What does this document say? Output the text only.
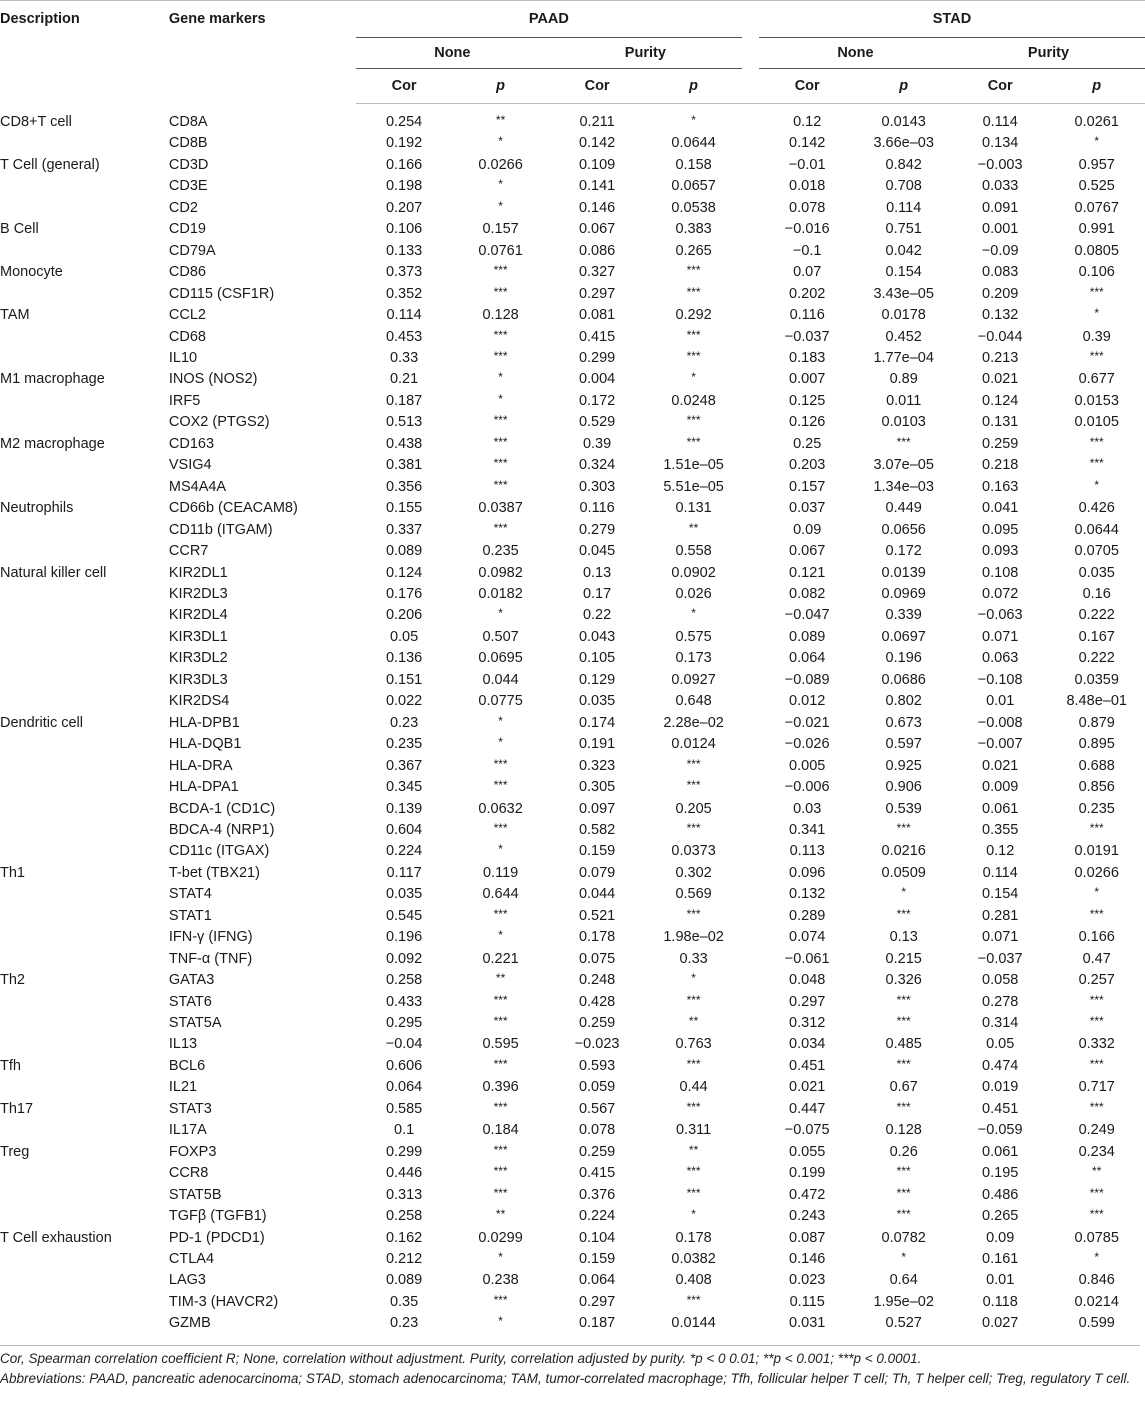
Description	Gene markers	PAAD					STAD			
		None		Purity			None		Purity	
		Cor	p	Cor	p		Cor	p	Cor	p

CD8+T cell	CD8A	0.254	**	0.211	*		0.12	0.0143	0.114	0.0261
	CD8B	0.192	*	0.142	0.0644		0.142	3.66e–03	0.134	*
T Cell (general)	CD3D	0.166	0.0266	0.109	0.158		−0.01	0.842	−0.003	0.957
	CD3E	0.198	*	0.141	0.0657		0.018	0.708	0.033	0.525
	CD2	0.207	*	0.146	0.0538		0.078	0.114	0.091	0.0767
B Cell	CD19	0.106	0.157	0.067	0.383		−0.016	0.751	0.001	0.991
	CD79A	0.133	0.0761	0.086	0.265		−0.1	0.042	−0.09	0.0805
Monocyte	CD86	0.373	***	0.327	***		0.07	0.154	0.083	0.106
	CD115 (CSF1R)	0.352	***	0.297	***		0.202	3.43e–05	0.209	***
TAM	CCL2	0.114	0.128	0.081	0.292		0.116	0.0178	0.132	*
	CD68	0.453	***	0.415	***		−0.037	0.452	−0.044	0.39
	IL10	0.33	***	0.299	***		0.183	1.77e–04	0.213	***
M1 macrophage	INOS (NOS2)	0.21	*	0.004	*		0.007	0.89	0.021	0.677
	IRF5	0.187	*	0.172	0.0248		0.125	0.011	0.124	0.0153
	COX2 (PTGS2)	0.513	***	0.529	***		0.126	0.0103	0.131	0.0105
M2 macrophage	CD163	0.438	***	0.39	***		0.25	***	0.259	***
	VSIG4	0.381	***	0.324	1.51e–05		0.203	3.07e–05	0.218	***
	MS4A4A	0.356	***	0.303	5.51e–05		0.157	1.34e–03	0.163	*
Neutrophils	CD66b (CEACAM8)	0.155	0.0387	0.116	0.131		0.037	0.449	0.041	0.426
	CD11b (ITGAM)	0.337	***	0.279	**		0.09	0.0656	0.095	0.0644
	CCR7	0.089	0.235	0.045	0.558		0.067	0.172	0.093	0.0705
Natural killer cell	KIR2DL1	0.124	0.0982	0.13	0.0902		0.121	0.0139	0.108	0.035
	KIR2DL3	0.176	0.0182	0.17	0.026		0.082	0.0969	0.072	0.16
	KIR2DL4	0.206	*	0.22	*		−0.047	0.339	−0.063	0.222
	KIR3DL1	0.05	0.507	0.043	0.575		0.089	0.0697	0.071	0.167
	KIR3DL2	0.136	0.0695	0.105	0.173		0.064	0.196	0.063	0.222
	KIR3DL3	0.151	0.044	0.129	0.0927		−0.089	0.0686	−0.108	0.0359
	KIR2DS4	0.022	0.0775	0.035	0.648		0.012	0.802	0.01	8.48e–01
Dendritic cell	HLA-DPB1	0.23	*	0.174	2.28e–02		−0.021	0.673	−0.008	0.879
	HLA-DQB1	0.235	*	0.191	0.0124		−0.026	0.597	−0.007	0.895
	HLA-DRA	0.367	***	0.323	***		0.005	0.925	0.021	0.688
	HLA-DPA1	0.345	***	0.305	***		−0.006	0.906	0.009	0.856
	BCDA-1 (CD1C)	0.139	0.0632	0.097	0.205		0.03	0.539	0.061	0.235
	BDCA-4 (NRP1)	0.604	***	0.582	***		0.341	***	0.355	***
	CD11c (ITGAX)	0.224	*	0.159	0.0373		0.113	0.0216	0.12	0.0191
Th1	T-bet (TBX21)	0.117	0.119	0.079	0.302		0.096	0.0509	0.114	0.0266
	STAT4	0.035	0.644	0.044	0.569		0.132	*	0.154	*
	STAT1	0.545	***	0.521	***		0.289	***	0.281	***
	IFN-γ (IFNG)	0.196	*	0.178	1.98e–02		0.074	0.13	0.071	0.166
	TNF-α (TNF)	0.092	0.221	0.075	0.33		−0.061	0.215	−0.037	0.47
Th2	GATA3	0.258	**	0.248	*		0.048	0.326	0.058	0.257
	STAT6	0.433	***	0.428	***		0.297	***	0.278	***
	STAT5A	0.295	***	0.259	**		0.312	***	0.314	***
	IL13	−0.04	0.595	−0.023	0.763		0.034	0.485	0.05	0.332
Tfh	BCL6	0.606	***	0.593	***		0.451	***	0.474	***
	IL21	0.064	0.396	0.059	0.44		0.021	0.67	0.019	0.717
Th17	STAT3	0.585	***	0.567	***		0.447	***	0.451	***
	IL17A	0.1	0.184	0.078	0.311		−0.075	0.128	−0.059	0.249
Treg	FOXP3	0.299	***	0.259	**		0.055	0.26	0.061	0.234
	CCR8	0.446	***	0.415	***		0.199	***	0.195	**
	STAT5B	0.313	***	0.376	***		0.472	***	0.486	***
	TGFβ (TGFB1)	0.258	**	0.224	*		0.243	***	0.265	***
T Cell exhaustion	PD-1 (PDCD1)	0.162	0.0299	0.104	0.178		0.087	0.0782	0.09	0.0785
	CTLA4	0.212	*	0.159	0.0382		0.146	*	0.161	*
	LAG3	0.089	0.238	0.064	0.408		0.023	0.64	0.01	0.846
	TIM-3 (HAVCR2)	0.35	***	0.297	***		0.115	1.95e–02	0.118	0.0214
	GZMB	0.23	*	0.187	0.0144		0.031	0.527	0.027	0.599

Cor, Spearman correlation coefficient R; None, correlation without adjustment. Purity, correlation adjusted by purity. *p < 0 0.01; **p < 0.001; ***p < 0.0001.

Abbreviations: PAAD, pancreatic adenocarcinoma; STAD, stomach adenocarcinoma; TAM, tumor-correlated macrophage; Tfh, follicular helper T cell; Th, T helper cell; Treg, regulatory T cell.
